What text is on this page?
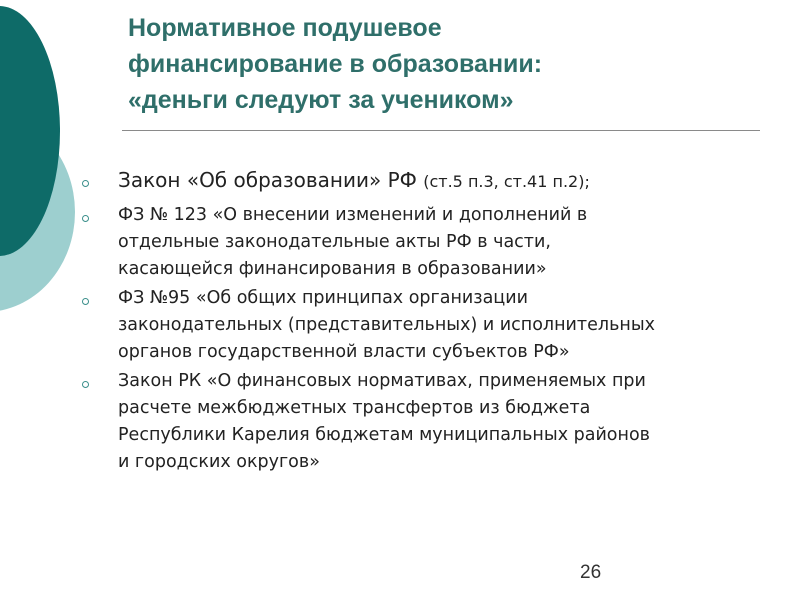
Нормативное подушевое
финансирование в образовании:
«деньги следуют за учеником»
Закон «Об образовании» РФ (ст.5 п.3, ст.41 п.2);
ФЗ № 123 «О внесении изменений и дополнений в
отдельные законодательные акты РФ в части,
касающейся финансирования в образовании»
ФЗ №95 «Об общих принципах организации
законодательных (представительных) и исполнительных
органов государственной власти субъектов РФ»
Закон РК «О финансовых нормативах, применяемых при
расчете межбюджетных трансфертов из бюджета
Республики Карелия бюджетам муниципальных районов
и городских округов»
26
